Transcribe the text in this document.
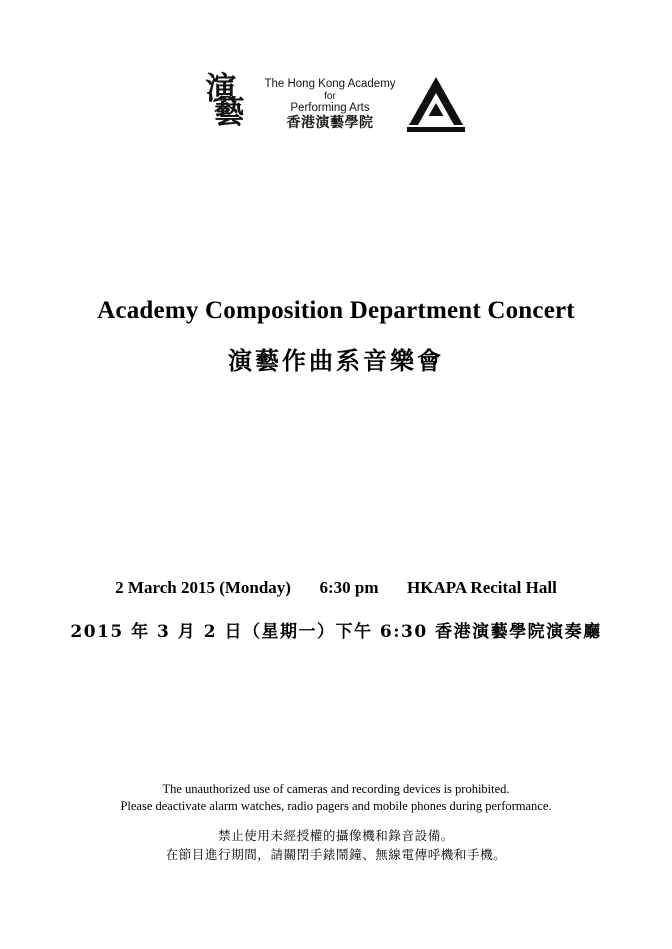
演
藝
The Hong Kong Academy
for
Performing Arts
香港演藝學院
Academy Composition Department Concert
演藝作曲系音樂會
2 March 2015 (Monday) 6:30 pm HKAPA Recital Hall
2015 年 3 月 2 日（星期一）下午 6:30 香港演藝學院演奏廳
The unauthorized use of cameras and recording devices is prohibited.
Please deactivate alarm watches, radio pagers and mobile phones during performance.
禁止使用未經授權的攝像機和錄音設備。
在節目進行期間，請關閉手錶鬧鐘、無線電傳呼機和手機。
